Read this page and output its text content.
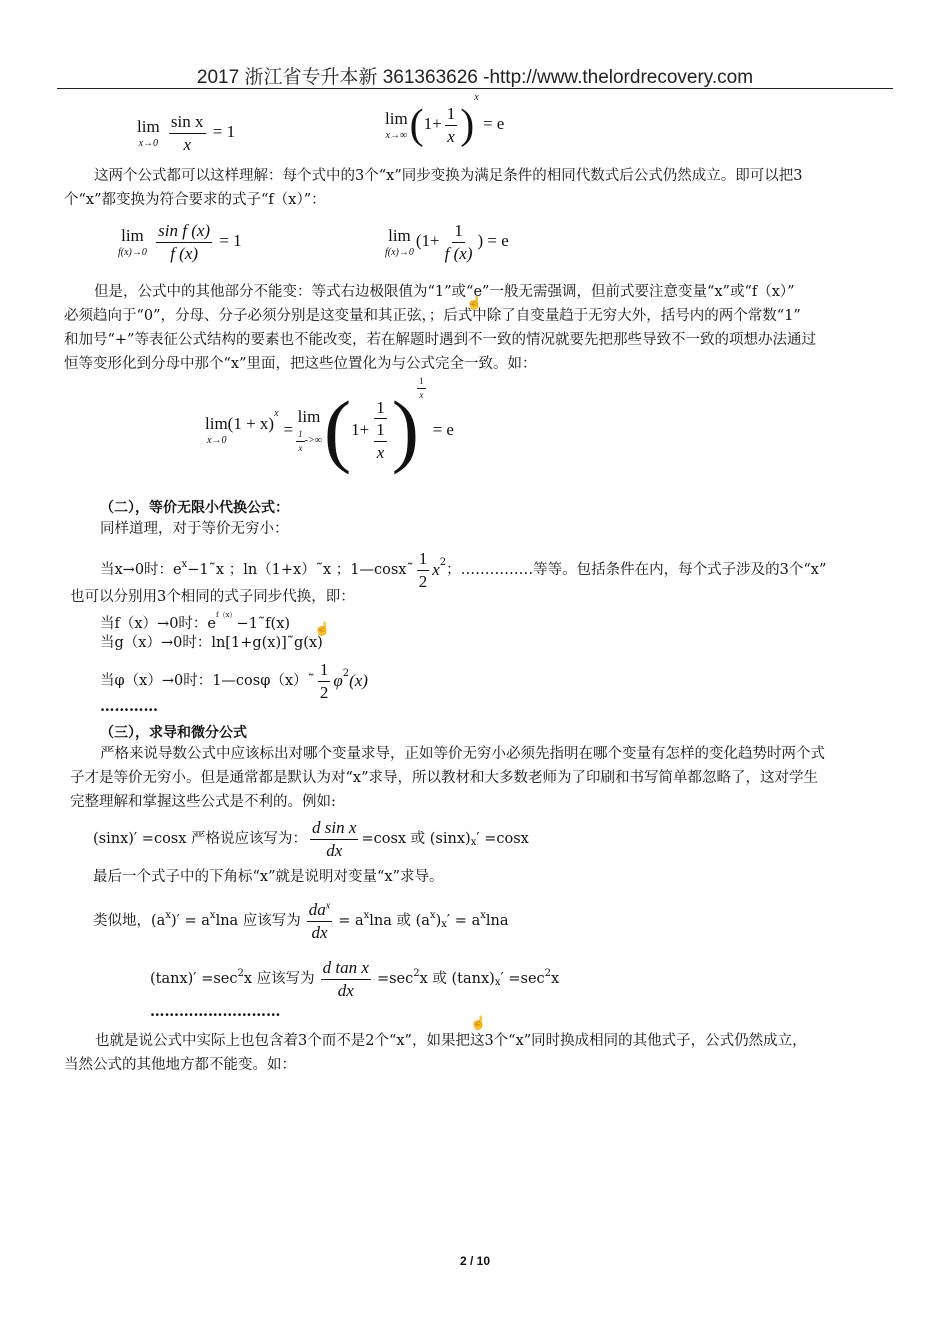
2017 浙江省专升本新 361363626 -http://www.thelordrecovery.com
lim
x→0
$\frac{\text{sin x}}{x} = 1$
lim
x→∞ $(1+ \frac{1}{x} )^x = e$
这两个公式都可以这样理解：每个式中的3个“x”同步变换为满足条件的相同代数式后公式仍然成立。即可以把3
个“x”都变换为符合要求的式子“f（x）”：
lim
f(x)→0
$\frac{\text{sin f (x)}}{f (x)} = 1$	lim
f(x)→0
($1+ \frac{1}{f (x)}$ ) = e
但是，公式中的其他部分不能变：等式右边极限值为“1”或“e”一般无需强调，但前式要注意变量“x”或“f（x）”
必须趋向于“0”，分母、分子必须分别是这变量和其正弦，；后式中除了自变量趋于无穷大外，括号内的两个常数“1”
☝
和加号“+”等表征公式结构的要素也不能改变，若在解题时遇到不一致的情况就要先把那些导致不一致的项想办法通过
恒等变形化到分母中那个“x”里面，把这些位置化为与公式完全一致。如：
$\lim(1 + x)^x$
x→0
=
lim
$\frac{1}{x}$ ->∞ ( $1+ \frac{1}{\frac{1}{x}}$ )
$\frac{1}{x}$
= e
（二），等价无限小代换公式：
同样道理，对于等价无穷小：
当x→0时：$e^x$ −1˜x ；ln（1+x）˜x ；1—cosx˜ $\frac{1}{2} x^2$ ；……………等等。包括条件在内，每个式子涉及的3个“x”
也可以分别用3个相同的式子同步代换，即：
当f（x）→0时：$e^{f(x)}-1˜f(x)$
当g（x）→0时：ln[1+g(x)]˜g(x)
☝
当φ（x）→0时：1—cosφ（x）˜ $\frac{1}{2} \varphi^2$ (x)
…………
（三），求导和微分公式
严格来说导数公式中应该标出对哪个变量求导，正如等价无穷小必须先指明在哪个变量有怎样的变化趋势时两个式
子才是等价无穷小。但是通常都是默认为对“x”求导，所以教材和大多数老师为了印刷和书写简单都忽略了，这对学生
完整理解和掌握这些公式是不利的。例如:
(sinx)′ =cosx 严格说应该写为： $\frac{\text{d sin x}}{dx} =\cos x$ 或 $(\sin x)_x$ ′ =cosx
最后一个式子中的下角标“x”就是说明对变量“x”求导。
类似地，($a^x$ )′ = $a^x$ lna 应该写为 $\frac{da^x}{dx} = a^x$ lna 或 ($a^x$ )$_x$ ′ = $a^x$ lna
$(\tan x)' =\sec^2$ x 应该写为 $\frac{\text{d tan x}}{dx} =\sec^2$ x 或 $(\tan x)_x$ ′ $=\sec^2$ x
………………………
☝
也就是说公式中实际上也包含着3个而不是2个“x”，如果把这3个“x”同时换成相同的其他式子，公式仍然成立，
当然公式的其他地方都不能变。如：
2 / 10
